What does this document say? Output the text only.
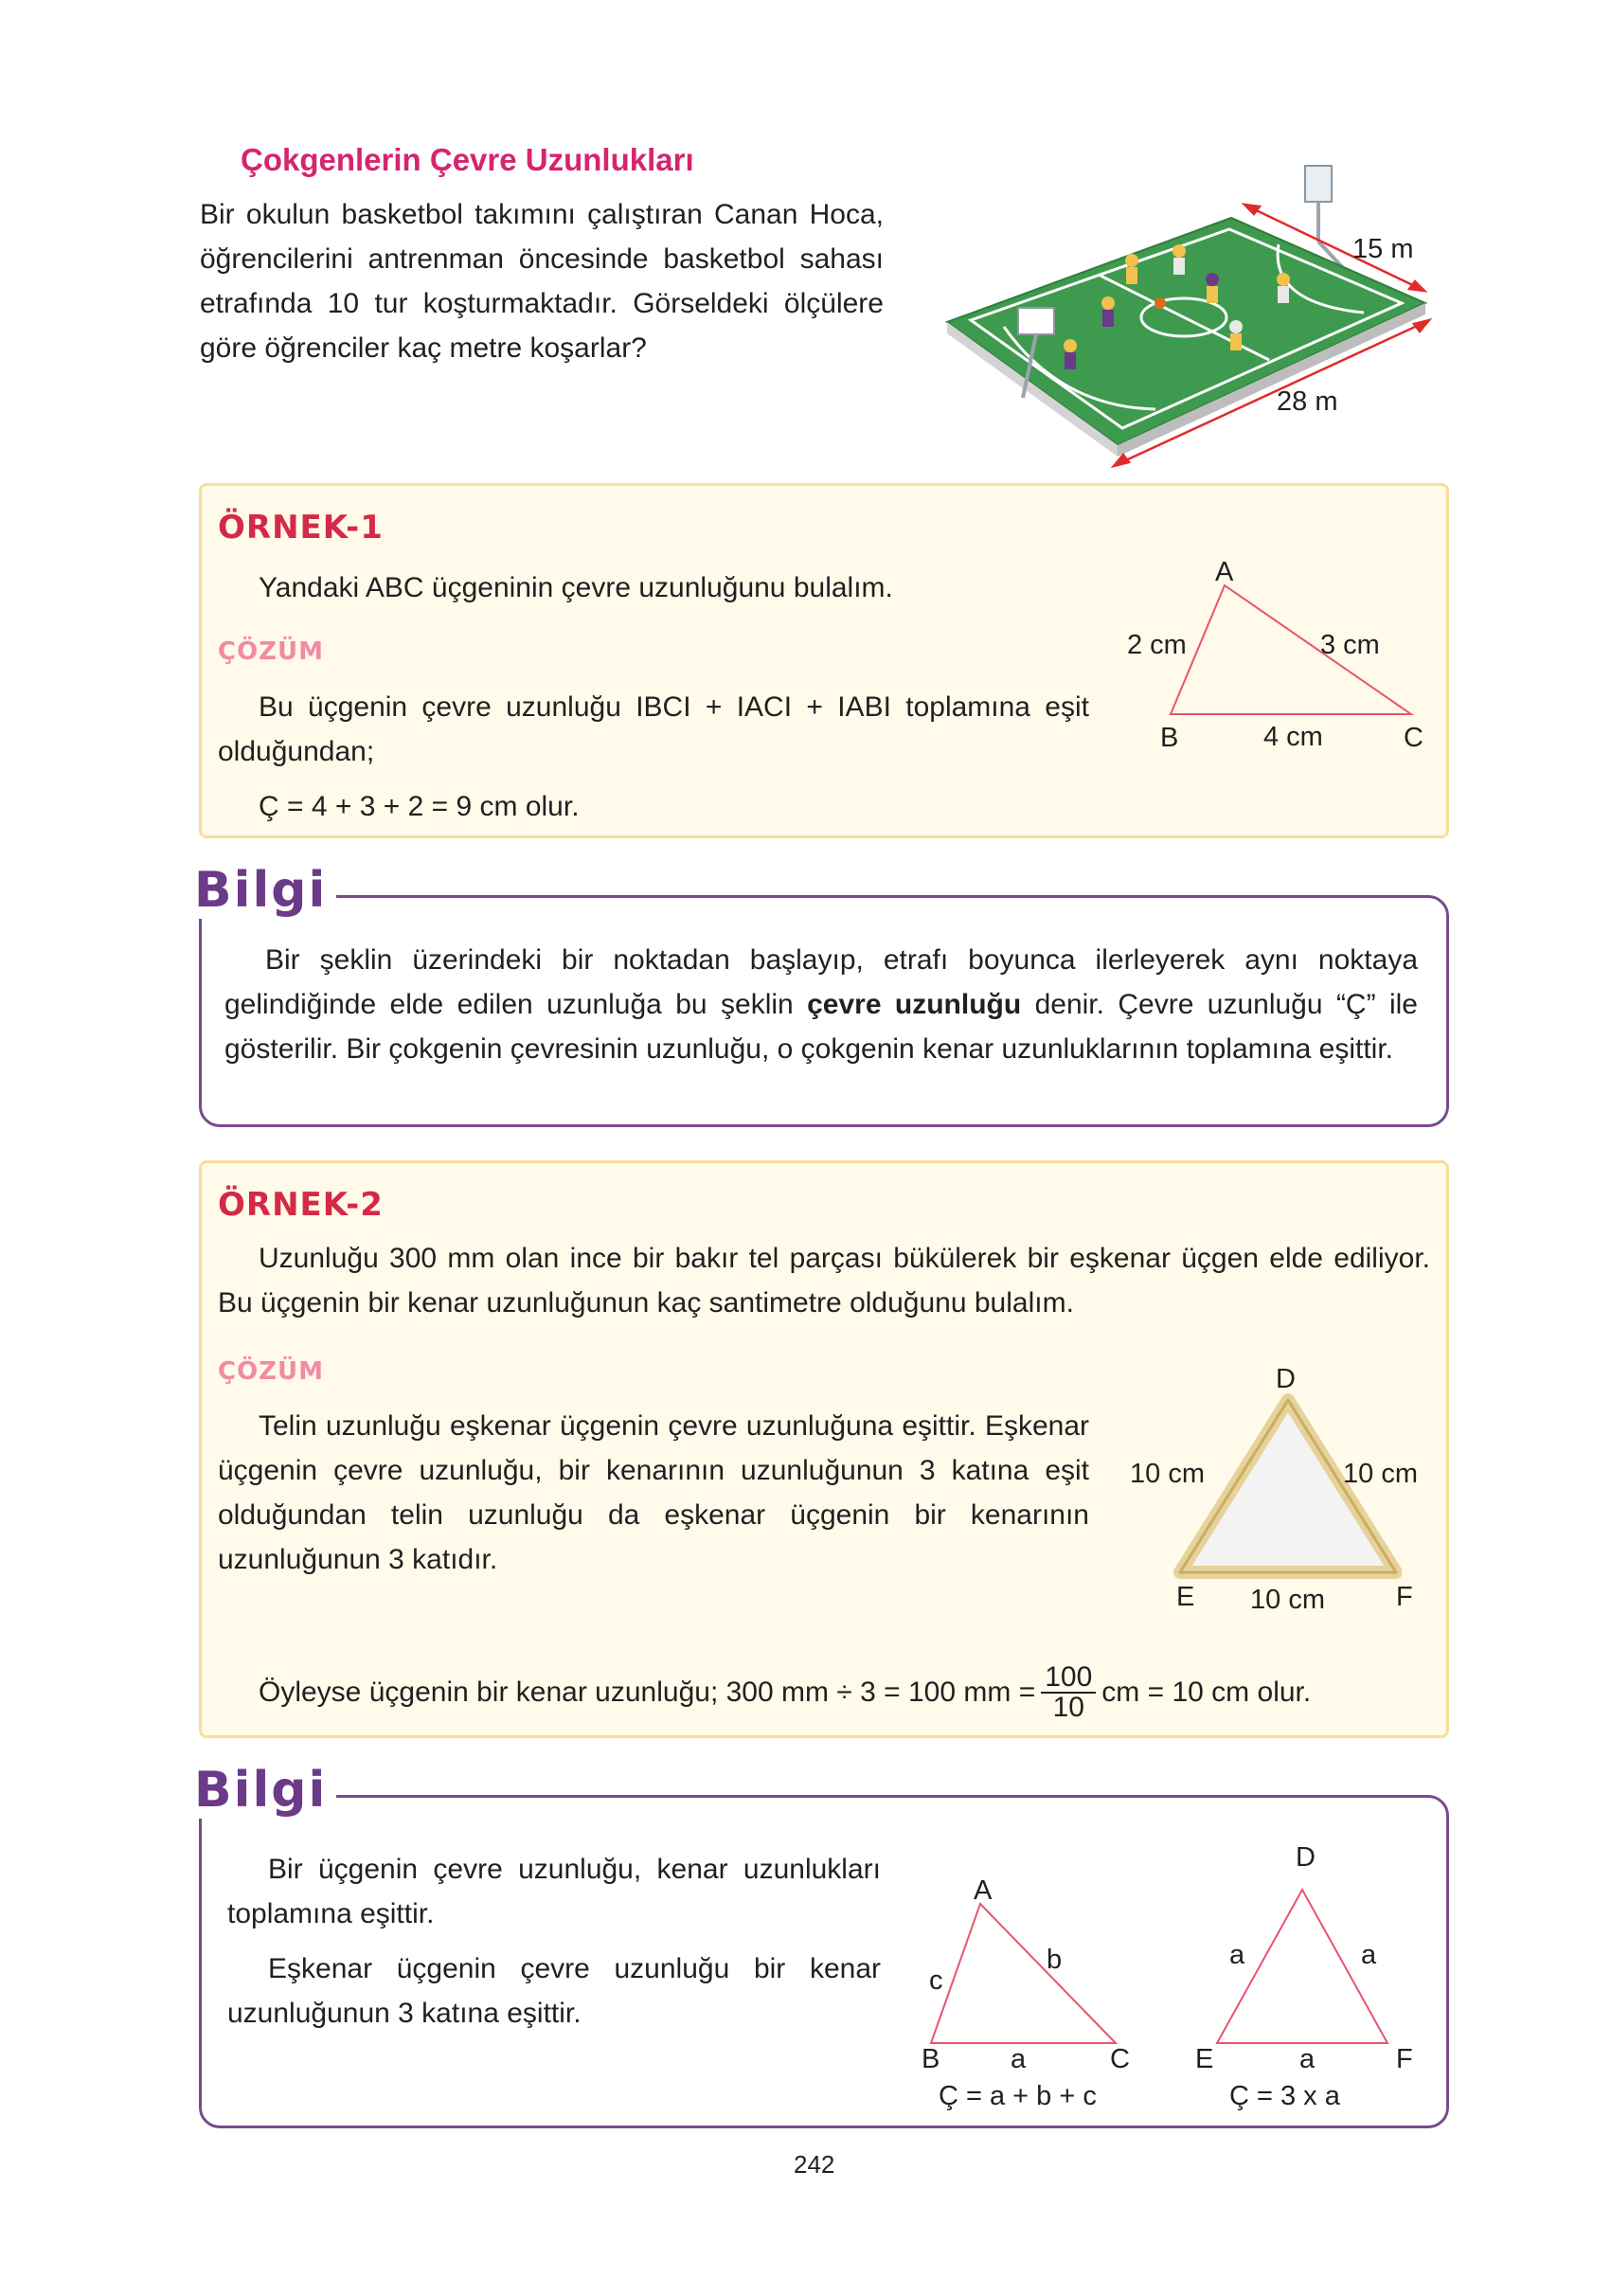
Çokgenlerin Çevre Uzunlukları

Bir okulun basketbol takımını çalıştıran Canan Hoca, öğrencilerini antrenman öncesinde basketbol sahası etrafında 10 tur koşturmaktadır. Görseldeki ölçülere göre öğrenciler kaç metre koşarlar?

15 m
28 m
ÖRNEK-1
Yandaki ABC üçgeninin çevre uzunluğunu bulalım.
ÇÖZÜM

Bu üçgenin çevre uzunluğu IBCI + IACI + IABI toplamına eşit olduğundan;

Ç = 4 + 3 + 2 = 9 cm olur.
A
B	C
2 cm	3 cm
4 cm
Bilgi

Bir şeklin üzerindeki bir noktadan başlayıp, etrafı boyunca ilerleyerek aynı noktaya gelindiğinde elde edilen uzunluğa bu şeklin çevre uzunluğu denir. Çevre uzunluğu “Ç” ile gösterilir. Bir çokgenin çevresinin uzunluğu, o çokgenin kenar uzunluklarının toplamına eşittir.

ÖRNEK-2

Uzunluğu 300 mm olan ince bir bakır tel parçası bükülerek bir eşkenar üçgen elde ediliyor. Bu üçgenin bir kenar uzunluğunun kaç santimetre olduğunu bulalım.

ÇÖZÜM

Telin uzunluğu eşkenar üçgenin çevre uzunluğuna eşittir. Eşkenar üçgenin çevre uzunluğu, bir kenarının uzunluğunun 3 katına eşit olduğundan telin uzunluğu da eşkenar üçgenin bir kenarının uzunluğunun 3 katıdır.

D
E	F
10 cm	10 cm
10 cm
Öyleyse üçgenin bir kenar uzunluğu; 300 mm ÷ 3 = 100 mm = $\frac{100}{10}$ cm = 10 cm olur.
Bilgi

Bir üçgenin çevre uzunluğu, kenar uzunlukları toplamına eşittir.

Eşkenar üçgenin çevre uzunluğu bir kenar uzunluğunun 3 katına eşittir.

A
B	C
a
b
c
Ç = a + b + c
D
E	F
a	a
a
Ç = 3 x a
242
